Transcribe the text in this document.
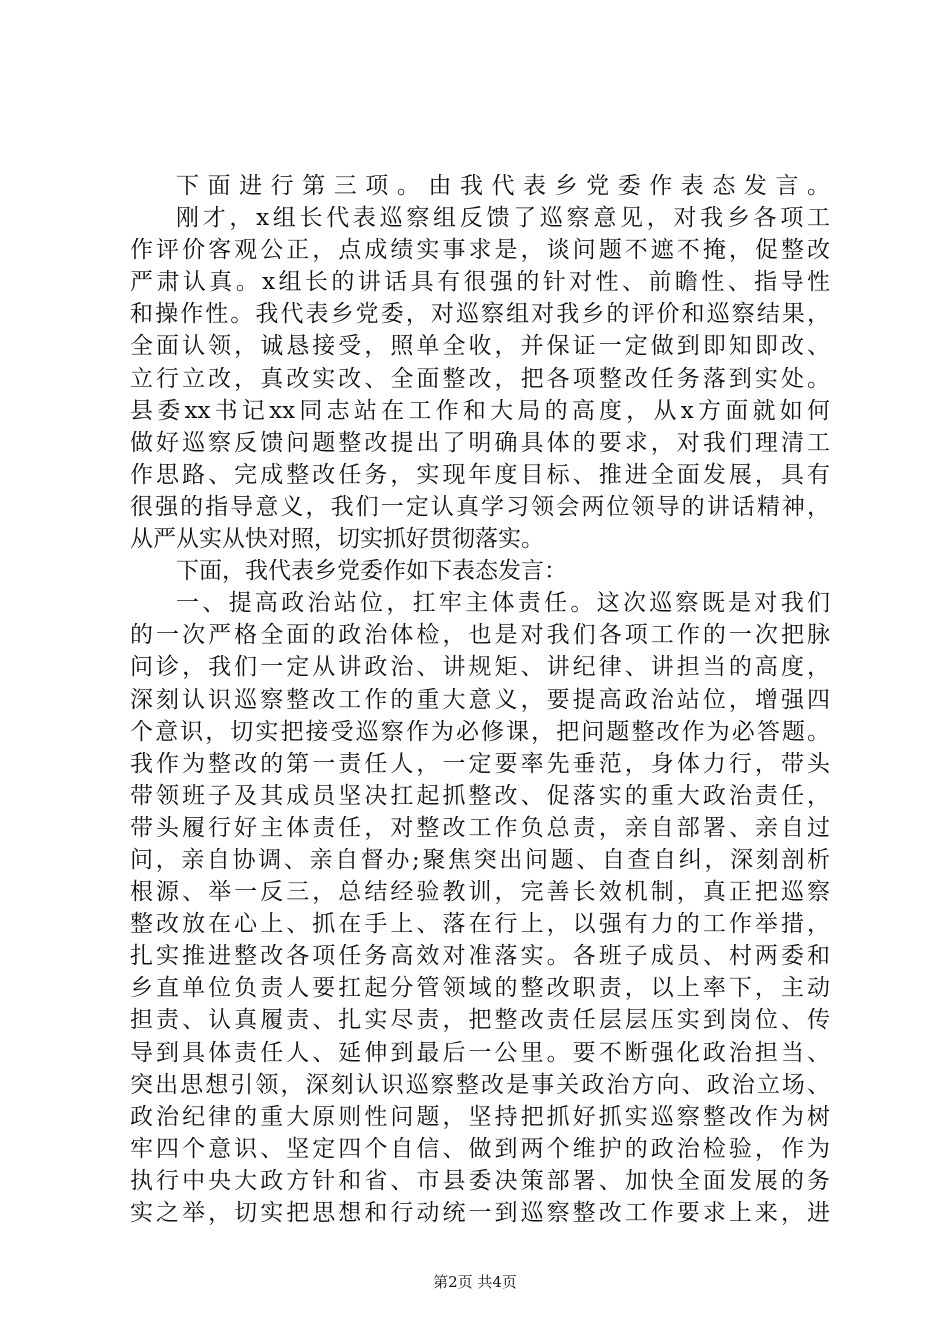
下面进行第三项。由我代表乡党委作表态发言。
刚才，x组长代表巡察组反馈了巡察意见，对我乡各项工
作评价客观公正，点成绩实事求是，谈问题不遮不掩，促整改
严肃认真。x组长的讲话具有很强的针对性、前瞻性、指导性
和操作性。我代表乡党委，对巡察组对我乡的评价和巡察结果，
全面认领，诚恳接受，照单全收，并保证一定做到即知即改、
立行立改，真改实改、全面整改，把各项整改任务落到实处。
县委xx书记xx同志站在工作和大局的高度，从x方面就如何
做好巡察反馈问题整改提出了明确具体的要求，对我们理清工
作思路、完成整改任务，实现年度目标、推进全面发展，具有
很强的指导意义，我们一定认真学习领会两位领导的讲话精神，
从严从实从快对照，切实抓好贯彻落实。
下面，我代表乡党委作如下表态发言：
一、提高政治站位，扛牢主体责任。这次巡察既是对我们
的一次严格全面的政治体检，也是对我们各项工作的一次把脉
问诊，我们一定从讲政治、讲规矩、讲纪律、讲担当的高度，
深刻认识巡察整改工作的重大意义，要提高政治站位，增强四
个意识，切实把接受巡察作为必修课，把问题整改作为必答题。
我作为整改的第一责任人，一定要率先垂范，身体力行，带头
带领班子及其成员坚决扛起抓整改、促落实的重大政治责任，
带头履行好主体责任，对整改工作负总责，亲自部署、亲自过
问，亲自协调、亲自督办;聚焦突出问题、自查自纠，深刻剖析
根源、举一反三，总结经验教训，完善长效机制，真正把巡察
整改放在心上、抓在手上、落在行上，以强有力的工作举措，
扎实推进整改各项任务高效对准落实。各班子成员、村两委和
乡直单位负责人要扛起分管领域的整改职责，以上率下，主动
担责、认真履责、扎实尽责，把整改责任层层压实到岗位、传
导到具体责任人、延伸到最后一公里。要不断强化政治担当、
突出思想引领，深刻认识巡察整改是事关政治方向、政治立场、
政治纪律的重大原则性问题，坚持把抓好抓实巡察整改作为树
牢四个意识、坚定四个自信、做到两个维护的政治检验，作为
执行中央大政方针和省、市县委决策部署、加快全面发展的务
实之举，切实把思想和行动统一到巡察整改工作要求上来，进
第2页 共4页
